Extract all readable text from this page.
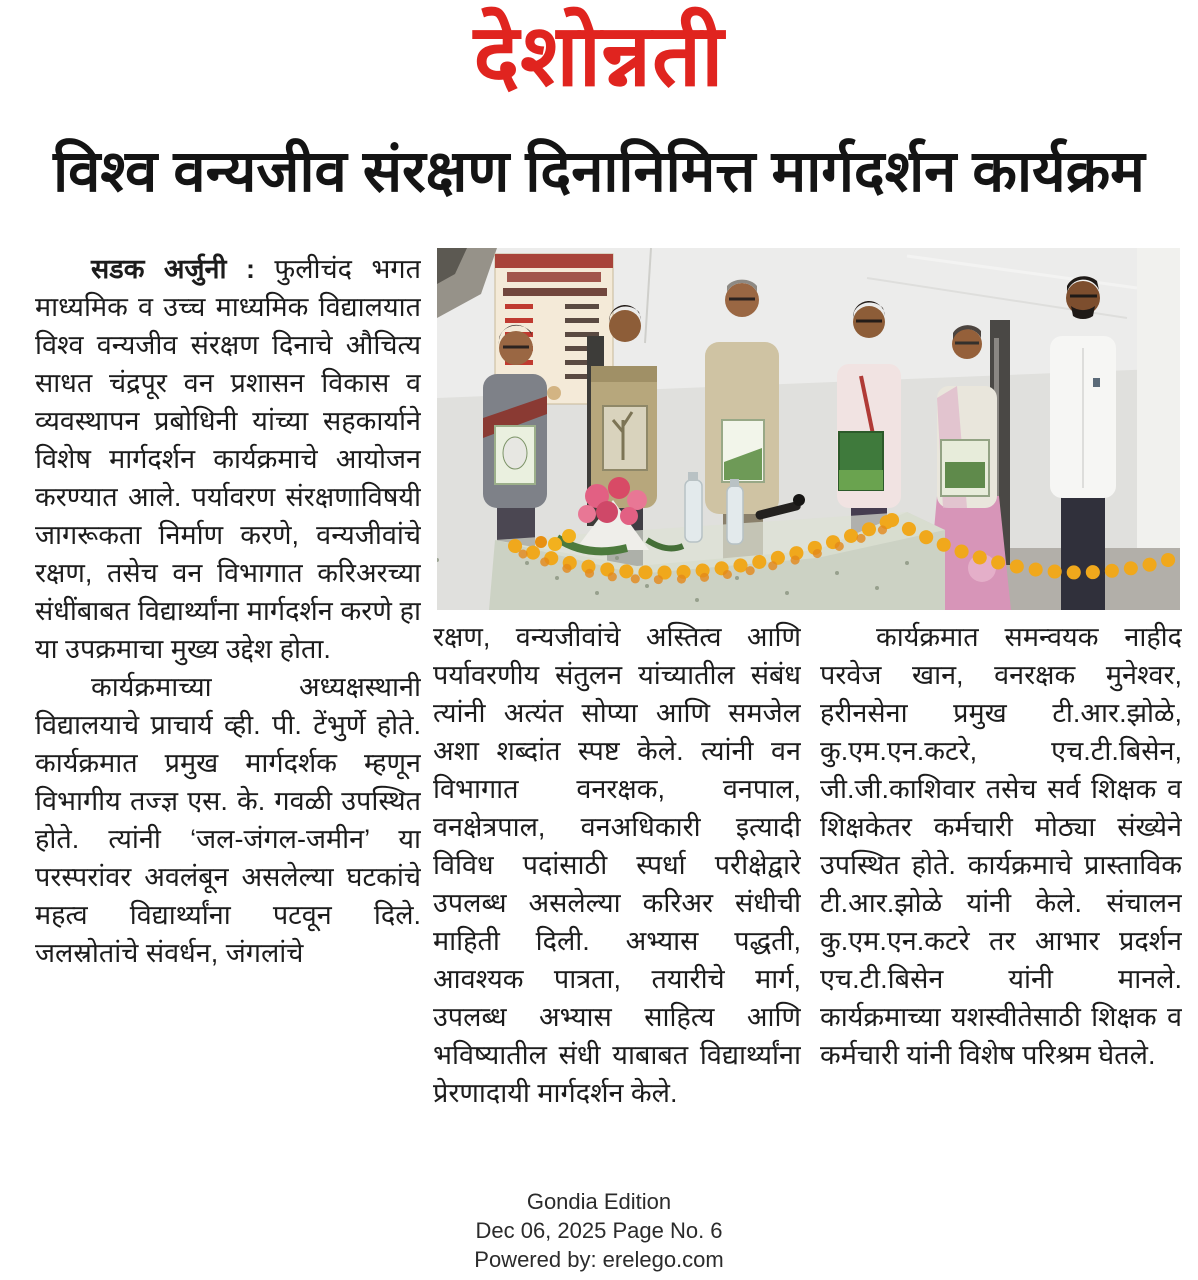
देशोन्नती
विश्व वन्यजीव संरक्षण दिनानिमित्त मार्गदर्शन कार्यक्रम

सडक अर्जुनी : फुलीचंद भगत माध्यमिक व उच्च माध्यमिक विद्यालयात विश्व वन्यजीव संरक्षण दिनाचे औचित्य साधत चंद्रपूर वन प्रशासन विकास व व्यवस्थापन प्रबोधिनी यांच्या सहकार्याने विशेष मार्गदर्शन कार्यक्रमाचे आयोजन करण्यात आले. पर्यावरण संरक्षणाविषयी जागरूकता निर्माण करणे, वन्यजीवांचे रक्षण, तसेच वन विभागात करिअरच्या संधींबाबत विद्यार्थ्यांना मार्गदर्शन करणे हा या उपक्रमाचा मुख्य उद्देश होता.

कार्यक्रमाच्या अध्यक्षस्थानी विद्यालयाचे प्राचार्य व्ही. पी. टेंभुर्णे होते. कार्यक्रमात प्रमुख मार्गदर्शक म्हणून विभागीय तज्ज्ञ एस. के. गवळी उपस्थित होते. त्यांनी ‘जल-जंगल-जमीन’ या परस्परांवर अवलंबून असलेल्या घटकांचे महत्व विद्यार्थ्यांना पटवून दिले. जलस्रोतांचे संवर्धन, जंगलांचे

रक्षण, वन्यजीवांचे अस्तित्व आणि पर्यावरणीय संतुलन यांच्यातील संबंध त्यांनी अत्यंत सोप्या आणि समजेल अशा शब्दांत स्पष्ट केले. त्यांनी वन विभागात वनरक्षक, वनपाल, वनक्षेत्रपाल, वनअधिकारी इत्यादी विविध पदांसाठी स्पर्धा परीक्षेद्वारे उपलब्ध असलेल्या करिअर संधीची माहिती दिली. अभ्यास पद्धती, आवश्यक पात्रता, तयारीचे मार्ग, उपलब्ध अभ्यास साहित्य आणि भविष्यातील संधी याबाबत विद्यार्थ्यांना प्रेरणादायी मार्गदर्शन केले.

कार्यक्रमात समन्वयक नाहीद परवेज खान, वनरक्षक मुनेश्वर, हरीनसेना प्रमुख टी.आर.झोळे, कु.एम.एन.कटरे, एच.टी.बिसेन, जी.जी.काशिवार तसेच सर्व शिक्षक व शिक्षकेतर कर्मचारी मोठ्या संख्येने उपस्थित होते. कार्यक्रमाचे प्रास्ताविक टी.आर.झोळे यांनी केले. संचालन कु.एम.एन.कटरे तर आभार प्रदर्शन एच.टी.बिसेन यांनी मानले. कार्यक्रमाच्या यशस्वीतेसाठी शिक्षक व कर्मचारी यांनी विशेष परिश्रम घेतले.

Gondia Edition
Dec 06, 2025 Page No. 6
Powered by: erelego.com
